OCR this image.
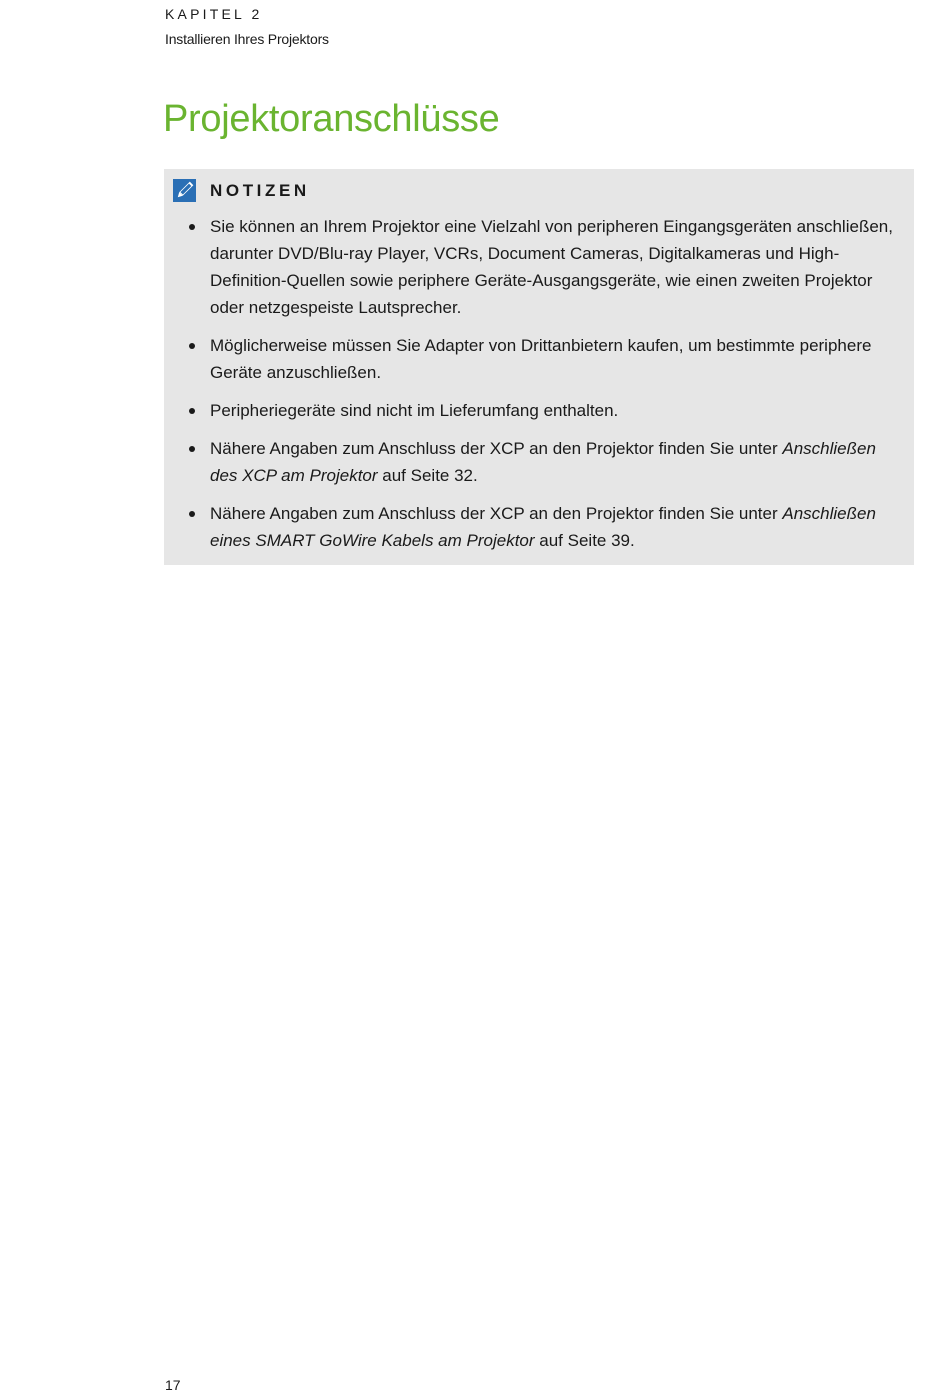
KAPITEL 2
Installieren Ihres Projektors
Projektoranschlüsse
NOTIZEN
Sie können an Ihrem Projektor eine Vielzahl von peripheren Eingangsgeräten anschließen, darunter DVD/Blu-ray Player, VCRs, Document Cameras, Digitalkameras und High-Definition-Quellen sowie periphere Geräte-Ausgangsgeräte, wie einen zweiten Projektor oder netzgespeiste Lautsprecher.
Möglicherweise müssen Sie Adapter von Drittanbietern kaufen, um bestimmte periphere Geräte anzuschließen.
Peripheriegeräte sind nicht im Lieferumfang enthalten.
Nähere Angaben zum Anschluss der XCP an den Projektor finden Sie unter Anschließen des XCP am Projektor auf Seite 32.
Nähere Angaben zum Anschluss der XCP an den Projektor finden Sie unter Anschließen eines SMART GoWire Kabels am Projektor auf Seite 39.
17
